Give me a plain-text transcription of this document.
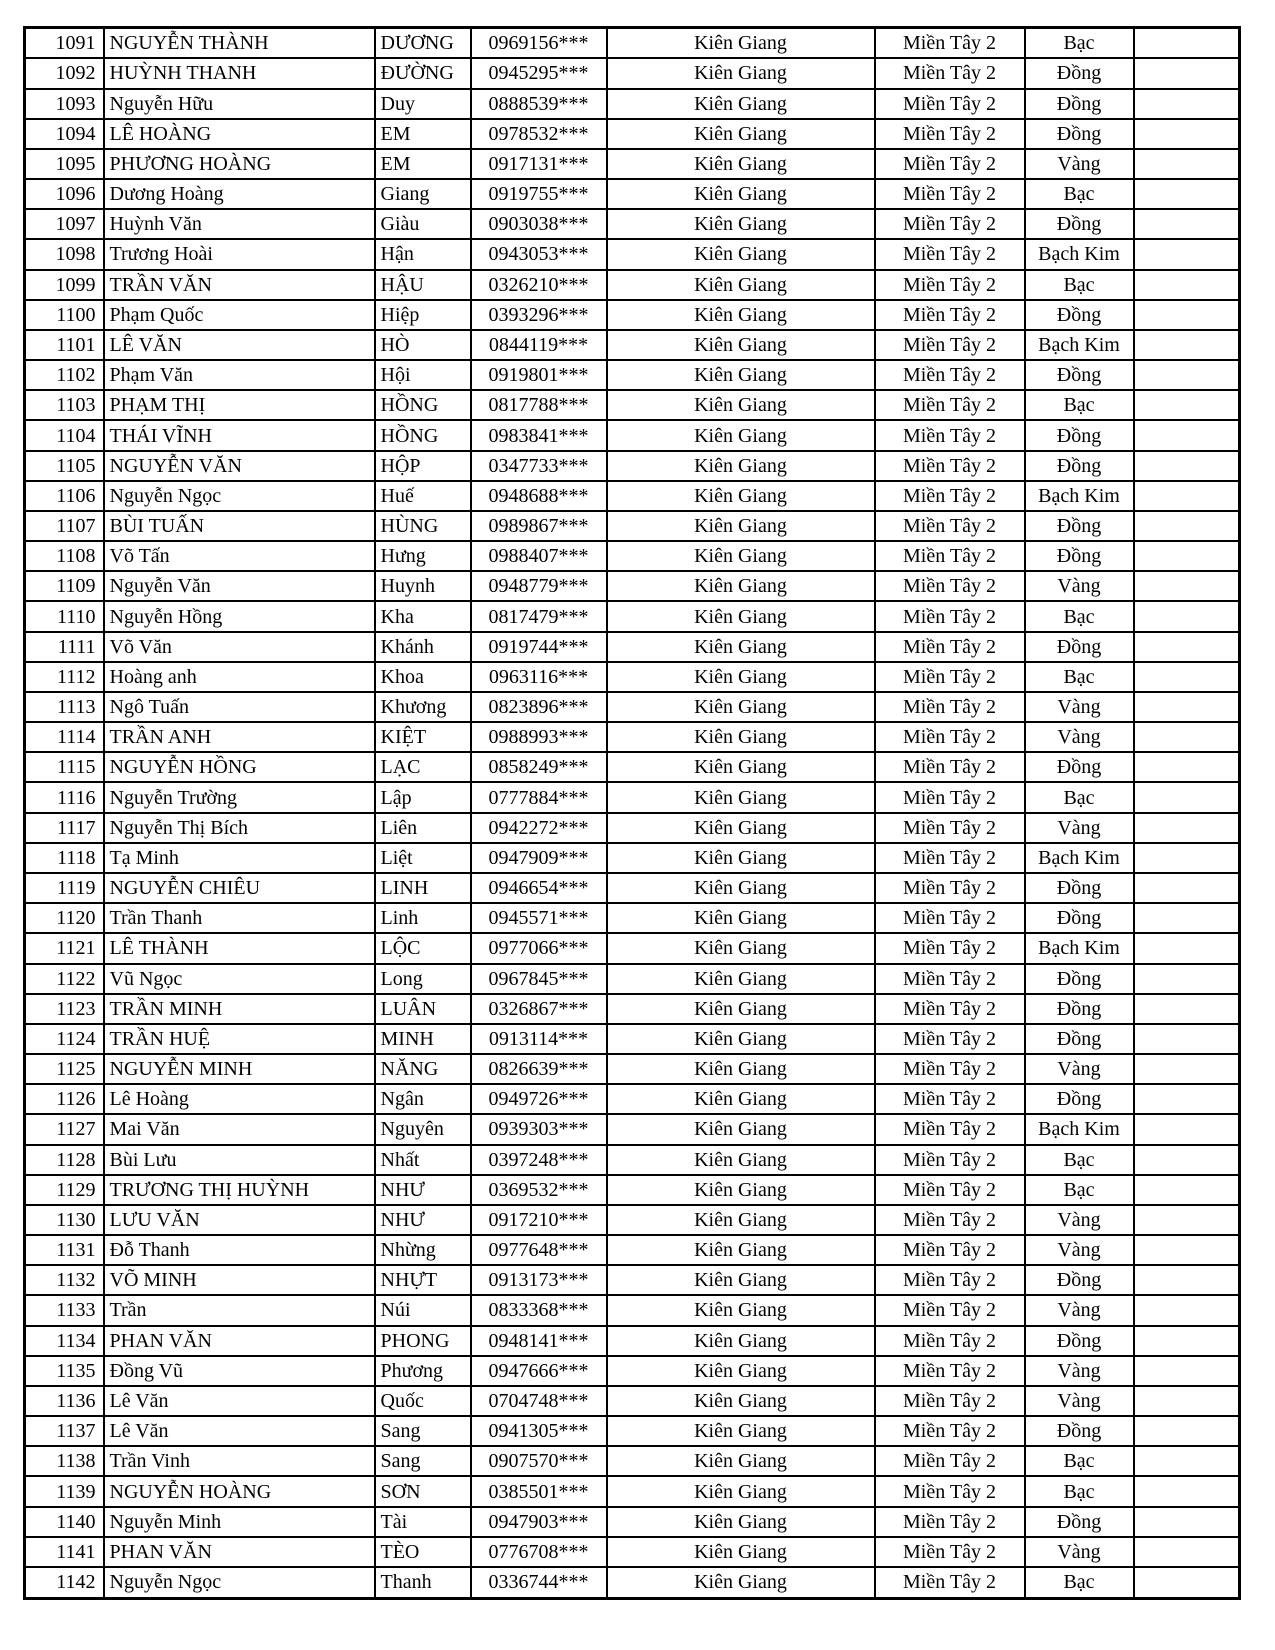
1091	NGUYỄN THÀNH	DƯƠNG	0969156***	Kiên Giang	Miền Tây 2	Bạc	
1092	HUỲNH THANH	ĐƯỜNG	0945295***	Kiên Giang	Miền Tây 2	Đồng	
1093	Nguyễn Hữu	Duy	0888539***	Kiên Giang	Miền Tây 2	Đồng	
1094	LÊ HOÀNG	EM	0978532***	Kiên Giang	Miền Tây 2	Đồng	
1095	PHƯƠNG HOÀNG	EM	0917131***	Kiên Giang	Miền Tây 2	Vàng	
1096	Dương Hoàng	Giang	0919755***	Kiên Giang	Miền Tây 2	Bạc	
1097	Huỳnh Văn	Giàu	0903038***	Kiên Giang	Miền Tây 2	Đồng	
1098	Trương Hoài	Hận	0943053***	Kiên Giang	Miền Tây 2	Bạch Kim	
1099	TRẦN VĂN	HẬU	0326210***	Kiên Giang	Miền Tây 2	Bạc	
1100	Phạm Quốc	Hiệp	0393296***	Kiên Giang	Miền Tây 2	Đồng	
1101	LÊ VĂN	HÒ	0844119***	Kiên Giang	Miền Tây 2	Bạch Kim	
1102	Phạm Văn	Hội	0919801***	Kiên Giang	Miền Tây 2	Đồng	
1103	PHẠM THỊ	HỒNG	0817788***	Kiên Giang	Miền Tây 2	Bạc	
1104	THÁI VĨNH	HỒNG	0983841***	Kiên Giang	Miền Tây 2	Đồng	
1105	NGUYỄN VĂN	HỘP	0347733***	Kiên Giang	Miền Tây 2	Đồng	
1106	Nguyễn Ngọc	Huế	0948688***	Kiên Giang	Miền Tây 2	Bạch Kim	
1107	BÙI TUẤN	HÙNG	0989867***	Kiên Giang	Miền Tây 2	Đồng	
1108	Võ Tấn	Hưng	0988407***	Kiên Giang	Miền Tây 2	Đồng	
1109	Nguyễn Văn	Huynh	0948779***	Kiên Giang	Miền Tây 2	Vàng	
1110	Nguyễn Hồng	Kha	0817479***	Kiên Giang	Miền Tây 2	Bạc	
1111	Võ Văn	Khánh	0919744***	Kiên Giang	Miền Tây 2	Đồng	
1112	Hoàng anh	Khoa	0963116***	Kiên Giang	Miền Tây 2	Bạc	
1113	Ngô Tuấn	Khương	0823896***	Kiên Giang	Miền Tây 2	Vàng	
1114	TRẦN ANH	KIỆT	0988993***	Kiên Giang	Miền Tây 2	Vàng	
1115	NGUYỄN HỒNG	LẠC	0858249***	Kiên Giang	Miền Tây 2	Đồng	
1116	Nguyễn Trường	Lập	0777884***	Kiên Giang	Miền Tây 2	Bạc	
1117	Nguyễn Thị Bích	Liên	0942272***	Kiên Giang	Miền Tây 2	Vàng	
1118	Tạ Minh	Liệt	0947909***	Kiên Giang	Miền Tây 2	Bạch Kim	
1119	NGUYỄN CHIÊU	LINH	0946654***	Kiên Giang	Miền Tây 2	Đồng	
1120	Trần Thanh	Linh	0945571***	Kiên Giang	Miền Tây 2	Đồng	
1121	LÊ THÀNH	LỘC	0977066***	Kiên Giang	Miền Tây 2	Bạch Kim	
1122	Vũ Ngọc	Long	0967845***	Kiên Giang	Miền Tây 2	Đồng	
1123	TRẦN MINH	LUÂN	0326867***	Kiên Giang	Miền Tây 2	Đồng	
1124	TRẦN HUỆ	MINH	0913114***	Kiên Giang	Miền Tây 2	Đồng	
1125	NGUYỄN MINH	NĂNG	0826639***	Kiên Giang	Miền Tây 2	Vàng	
1126	Lê Hoàng	Ngân	0949726***	Kiên Giang	Miền Tây 2	Đồng	
1127	Mai Văn	Nguyên	0939303***	Kiên Giang	Miền Tây 2	Bạch Kim	
1128	Bùi Lưu	Nhất	0397248***	Kiên Giang	Miền Tây 2	Bạc	
1129	TRƯƠNG THỊ HUỲNH	NHƯ	0369532***	Kiên Giang	Miền Tây 2	Bạc	
1130	LƯU VĂN	NHƯ	0917210***	Kiên Giang	Miền Tây 2	Vàng	
1131	Đỗ Thanh	Nhừng	0977648***	Kiên Giang	Miền Tây 2	Vàng	
1132	VÕ MINH	NHỰT	0913173***	Kiên Giang	Miền Tây 2	Đồng	
1133	Trần	Núi	0833368***	Kiên Giang	Miền Tây 2	Vàng	
1134	PHAN VĂN	PHONG	0948141***	Kiên Giang	Miền Tây 2	Đồng	
1135	Đồng Vũ	Phương	0947666***	Kiên Giang	Miền Tây 2	Vàng	
1136	Lê Văn	Quốc	0704748***	Kiên Giang	Miền Tây 2	Vàng	
1137	Lê Văn	Sang	0941305***	Kiên Giang	Miền Tây 2	Đồng	
1138	Trần Vinh	Sang	0907570***	Kiên Giang	Miền Tây 2	Bạc	
1139	NGUYỄN HOÀNG	SƠN	0385501***	Kiên Giang	Miền Tây 2	Bạc	
1140	Nguyễn Minh	Tài	0947903***	Kiên Giang	Miền Tây 2	Đồng	
1141	PHAN VĂN	TÈO	0776708***	Kiên Giang	Miền Tây 2	Vàng	
1142	Nguyễn Ngọc	Thanh	0336744***	Kiên Giang	Miền Tây 2	Bạc	
